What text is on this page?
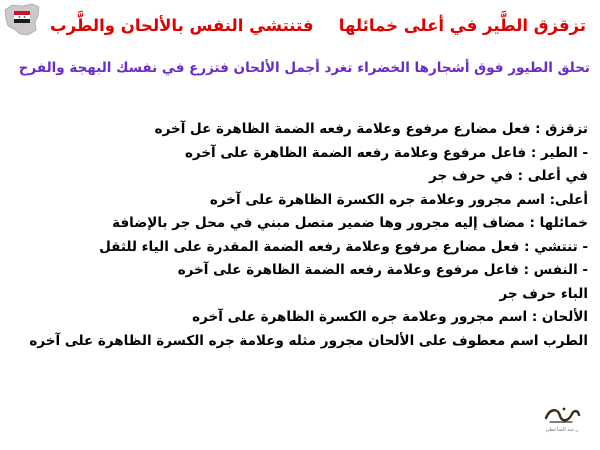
تزقزق الطَّير في أعلى خمائلها
فتنتشي النفس بالألحان والطَّرب
تحلق الطيور فوق أشجارها الخضراء تغرد أجمل الألحان فتزرع في نفسك البهجة والفرح
تزقزق : فعل مضارع مرفوع وعلامة رفعه الضمة الظاهرة عل آخره
- الطير : فاعل مرفوع وعلامة رفعه الضمة الظاهرة على آخره
في أعلى : في حرف جر
أعلى: اسم مجرور وعلامة جره الكسرة الظاهرة على آخره
خمائلها : مضاف إليه مجرور وها ضمير متصل مبني في محل جر بالإضافة
- تنتشي : فعل مضارع مرفوع وعلامة رفعه الضمة المقدرة على الياء للثقل
- النفس : فاعل مرفوع وعلامة رفعه الضمة الظاهرة على آخره
الباء حرف جر
الألحان : اسم مجرور وعلامة جره الكسرة الظاهرة على آخره
الطرب اسم معطوف على الألحان مجرور مثله وعلامة جره الكسرة الظاهرة على آخره
ر.عبد الساعطي
